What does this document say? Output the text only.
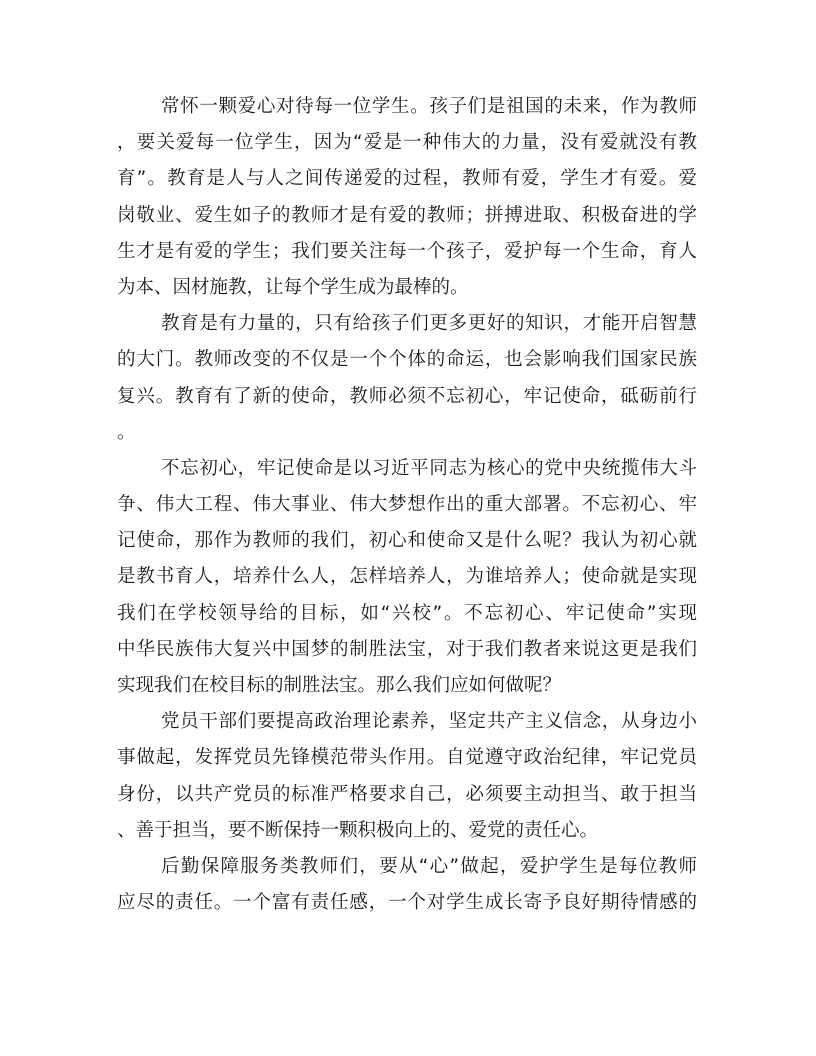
常怀一颗爱心对待每一位学生。孩子们是祖国的未来，作为教师
，要关爱每一位学生，因为“爱是一种伟大的力量，没有爱就没有教
育”。教育是人与人之间传递爱的过程，教师有爱，学生才有爱。爱
岗敬业、爱生如子的教师才是有爱的教师；拼搏进取、积极奋进的学
生才是有爱的学生；我们要关注每一个孩子，爱护每一个生命，育人
为本、因材施教，让每个学生成为最棒的。
教育是有力量的，只有给孩子们更多更好的知识，才能开启智慧
的大门。教师改变的不仅是一个个体的命运，也会影响我们国家民族
复兴。教育有了新的使命，教师必须不忘初心，牢记使命，砥砺前行
。
不忘初心，牢记使命是以习近平同志为核心的党中央统揽伟大斗
争、伟大工程、伟大事业、伟大梦想作出的重大部署。不忘初心、牢
记使命，那作为教师的我们，初心和使命又是什么呢？我认为初心就
是教书育人，培养什么人，怎样培养人，为谁培养人；使命就是实现
我们在学校领导给的目标，如“兴校”。不忘初心、牢记使命”实现
中华民族伟大复兴中国梦的制胜法宝，对于我们教者来说这更是我们
实现我们在校目标的制胜法宝。那么我们应如何做呢？
党员干部们要提高政治理论素养，坚定共产主义信念，从身边小
事做起，发挥党员先锋模范带头作用。自觉遵守政治纪律，牢记党员
身份，以共产党员的标准严格要求自己，必须要主动担当、敢于担当
、善于担当，要不断保持一颗积极向上的、爱党的责任心。
后勤保障服务类教师们，要从“心”做起，爱护学生是每位教师
应尽的责任。一个富有责任感，一个对学生成长寄予良好期待情感的
